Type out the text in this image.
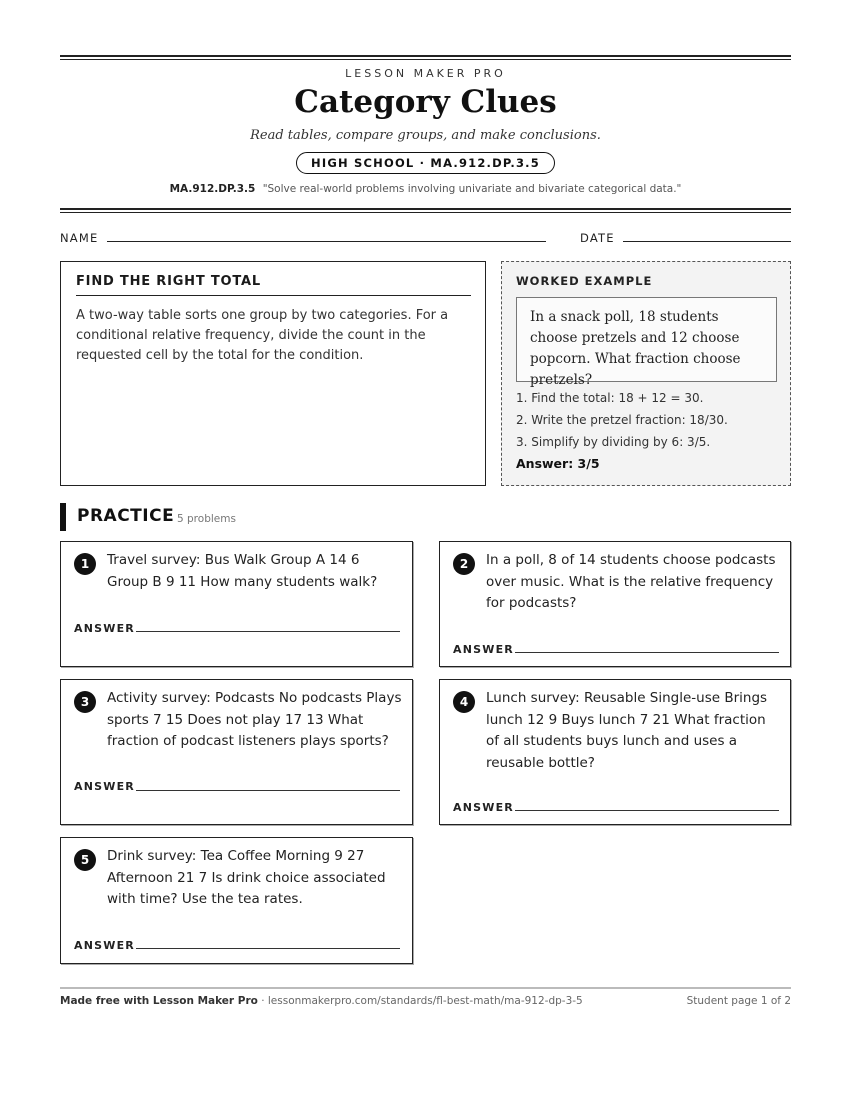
LESSON MAKER PRO
Category Clues
Read tables, compare groups, and make conclusions.
HIGH SCHOOL · MA.912.DP.3.5
MA.912.DP.3.5 "Solve real-world problems involving univariate and bivariate categorical data."
NAME	DATE
FIND THE RIGHT TOTAL
A two-way table sorts one group by two categories. For a conditional relative frequency, divide the count in the requested cell by the total for the condition.
WORKED EXAMPLE
In a snack poll, 18 students choose pretzels and 12 choose popcorn. What fraction choose pretzels?
1. Find the total: 18 + 12 = 30.
2. Write the pretzel fraction: 18/30.
3. Simplify by dividing by 6: 3/5.
Answer: 3/5
PRACTICE 5 problems
1	Travel survey: Bus Walk Group A 14 6 Group B 9 11 How many students walk?
ANSWER
2	In a poll, 8 of 14 students choose podcasts over music. What is the relative frequency for podcasts?
ANSWER
3	Activity survey: Podcasts No podcasts Plays sports 7 15 Does not play 17 13 What fraction of podcast listeners plays sports?
ANSWER
4	Lunch survey: Reusable Single-use Brings lunch 12 9 Buys lunch 7 21 What fraction of all students buys lunch and uses a reusable bottle?
ANSWER
5	Drink survey: Tea Coffee Morning 9 27 Afternoon 21 7 Is drink choice associated with time? Use the tea rates.
ANSWER
Made free with Lesson Maker Pro · lessonmakerpro.com/standards/fl-best-math/ma-912-dp-3-5	Student page 1 of 2
